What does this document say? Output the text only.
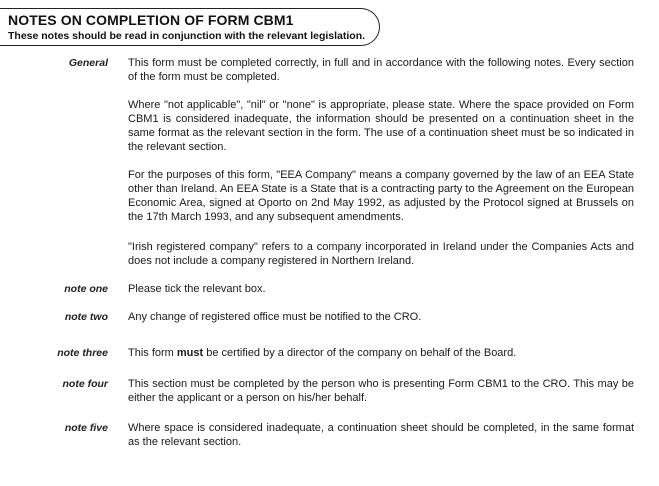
NOTES ON COMPLETION OF FORM CBM1
These notes should be read in conjunction with the relevant legislation.
General This form must be completed correctly, in full and in accordance with the following notes. Every section of the form must be completed.
Where "not applicable", "nil" or "none" is appropriate, please state. Where the space provided on Form CBM1 is considered inadequate, the information should be presented on a continuation sheet in the same format as the relevant section in the form. The use of a continuation sheet must be so indicated in the relevant section.
For the purposes of this form, "EEA Company" means a company governed by the law of an EEA State other than Ireland. An EEA State is a State that is a contracting party to the Agreement on the European Economic Area, signed at Oporto on 2nd May 1992, as adjusted by the Protocol signed at Brussels on the 17th March 1993, and any subsequent amendments.
"Irish registered company" refers to a company incorporated in Ireland under the Companies Acts and does not include a company registered in Northern Ireland.
note one Please tick the relevant box.
note two Any change of registered office must be notified to the CRO.
note three This form must be certified by a director of the company on behalf of the Board.
note four This section must be completed by the person who is presenting Form CBM1 to the CRO. This may be either the applicant or a person on his/her behalf.
note five Where space is considered inadequate, a continuation sheet should be completed, in the same format as the relevant section.
